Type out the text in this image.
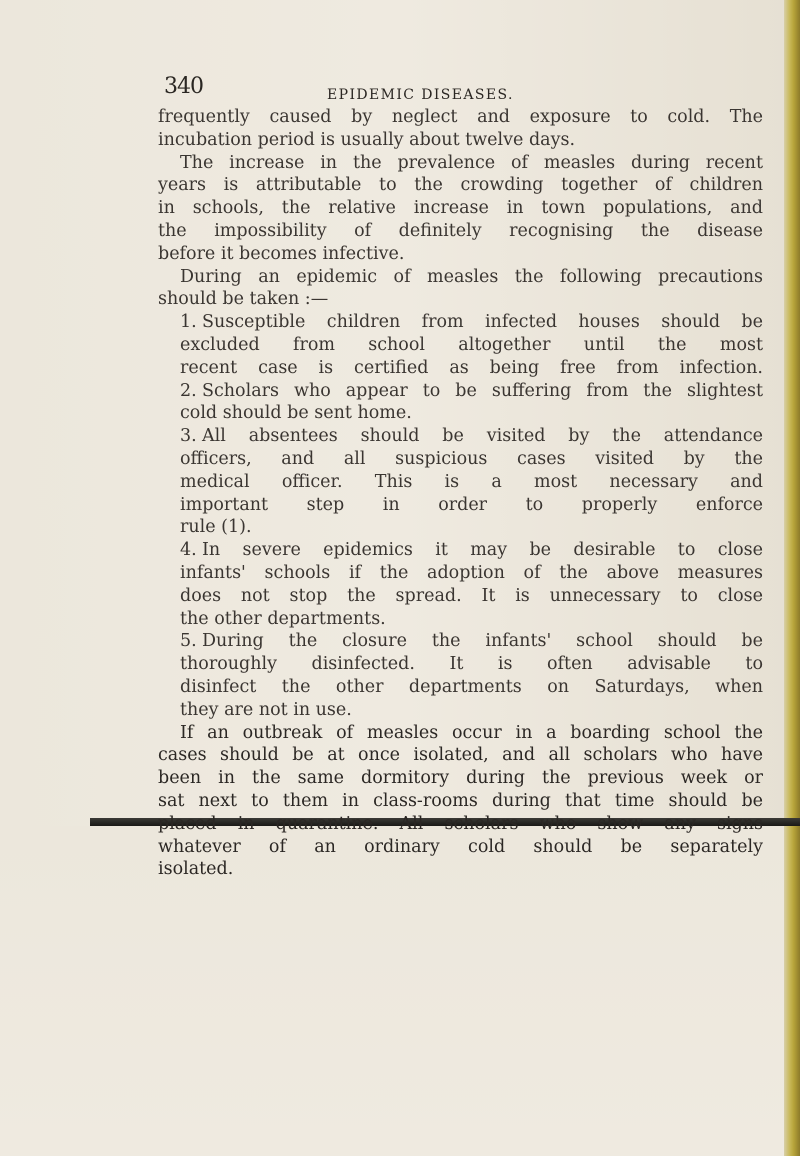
340	EPIDEMIC DISEASES.
frequently caused by neglect and exposure to cold. The
incubation period is usually about twelve days.
The increase in the prevalence of measles during recent
years is attributable to the crowding together of children
in schools, the relative increase in town populations, and
the impossibility of definitely recognising the disease
before it becomes infective.
During an epidemic of measles the following precautions
should be taken :—
1. Susceptible children from infected houses should be
excluded from school altogether until the most
recent case is certified as being free from infection.
2. Scholars who appear to be suffering from the slightest
cold should be sent home.
3. All absentees should be visited by the attendance
officers, and all suspicious cases visited by the
medical officer. This is a most necessary and
important step in order to properly enforce
rule (1).
4. In severe epidemics it may be desirable to close
infants' schools if the adoption of the above measures
does not stop the spread. It is unnecessary to close
the other departments.
5. During the closure the infants' school should be
thoroughly disinfected. It is often advisable to
disinfect the other departments on Saturdays, when
they are not in use.
If an outbreak of measles occur in a boarding school the
cases should be at once isolated, and all scholars who have
been in the same dormitory during the previous week or
sat next to them in class-rooms during that time should be
placed in quarantine. All scholars who show any signs
whatever of an ordinary cold should be separately
isolated.
